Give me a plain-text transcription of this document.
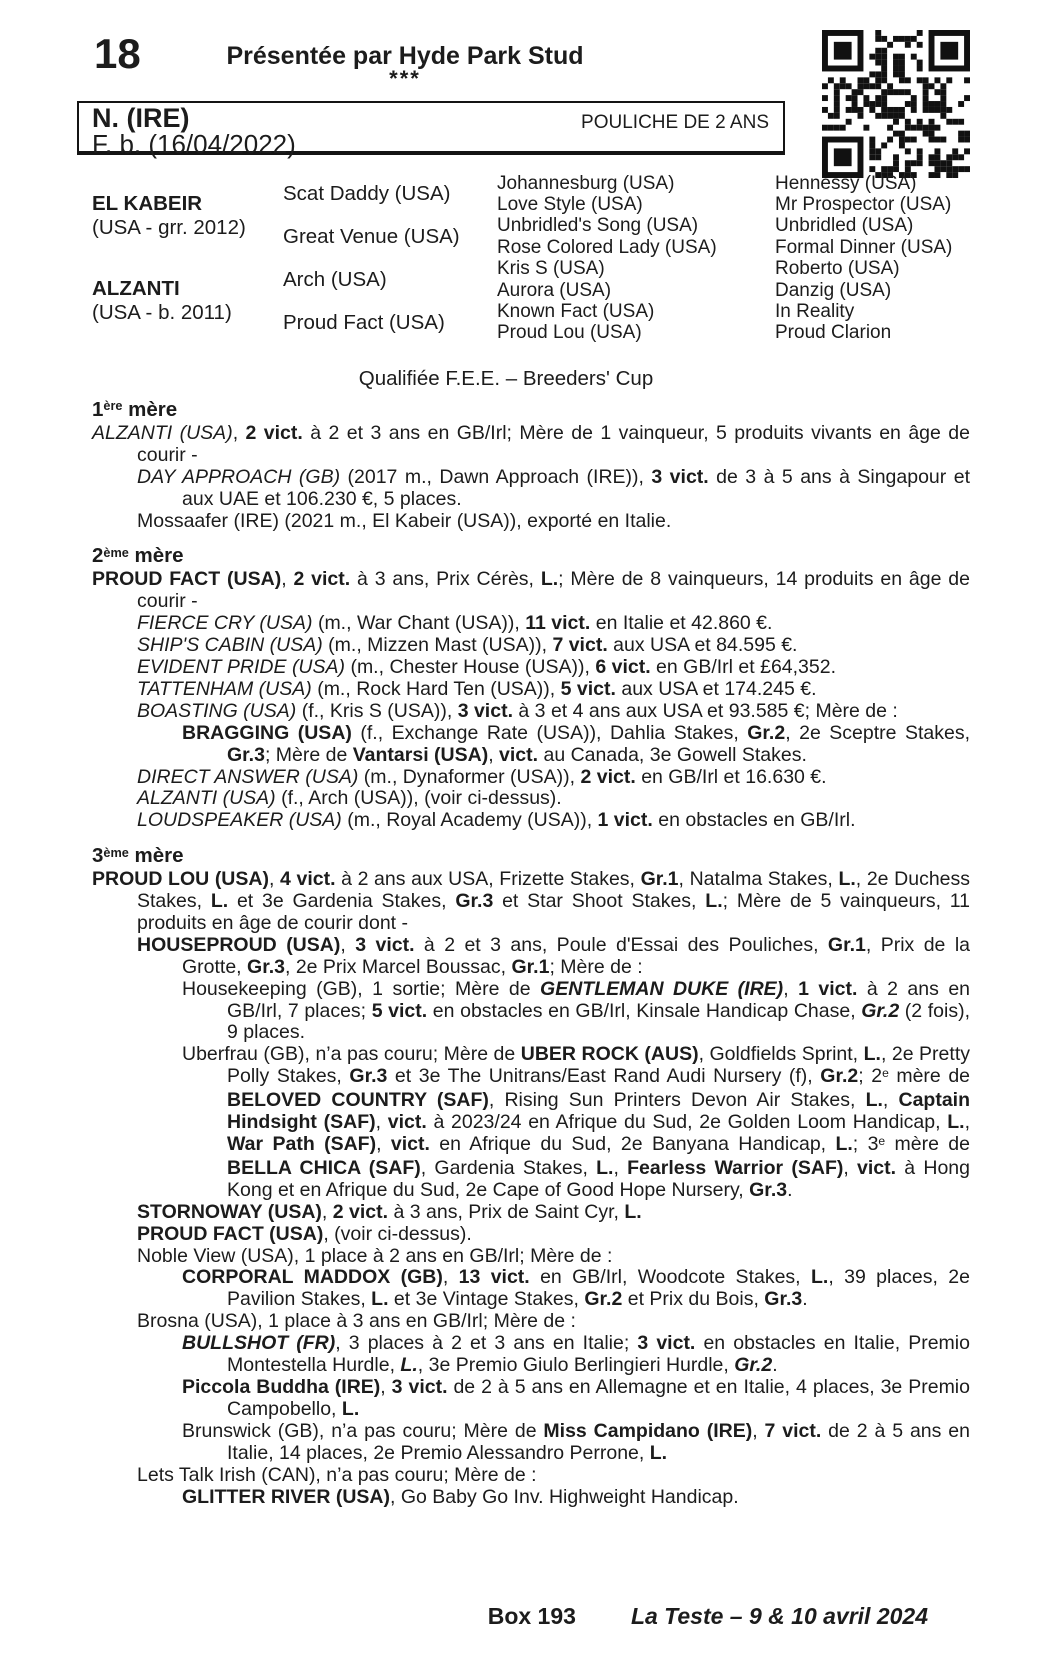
18	Présentée par Hyde Park Stud
***
N. (IRE)
F. b. (16/04/2022)
POULICHE DE 2 ANS
EL KABEIR
(USA - grr. 2012)
ALZANTI
(USA - b. 2011)
Scat Daddy (USA)
Great Venue (USA)
Arch (USA)
Proud Fact (USA)
Johannesburg (USA)
Love Style (USA)
Unbridled's Song (USA)
Rose Colored Lady (USA)
Kris S (USA)
Aurora (USA)
Known Fact (USA)
Proud Lou (USA)
Hennessy (USA)
Mr Prospector (USA)
Unbridled (USA)
Formal Dinner (USA)
Roberto (USA)
Danzig (USA)
In Reality
Proud Clarion
Qualifiée F.E.E. – Breeders' Cup
1ère mère
ALZANTI (USA), 2 vict. à 2 et 3 ans en GB/Irl; Mère de 1 vainqueur, 5 produits vivants en âge de courir -
DAY APPROACH (GB) (2017 m., Dawn Approach (IRE)), 3 vict. de 3 à 5 ans à Singapour et aux UAE et 106.230 €, 5 places.
Mossaafer (IRE) (2021 m., El Kabeir (USA)), exporté en Italie.
2ème mère
PROUD FACT (USA), 2 vict. à 3 ans, Prix Cérès, L.; Mère de 8 vainqueurs, 14 produits en âge de courir -
FIERCE CRY (USA) (m., War Chant (USA)), 11 vict. en Italie et 42.860 €.
SHIP'S CABIN (USA) (m., Mizzen Mast (USA)), 7 vict. aux USA et 84.595 €.
EVIDENT PRIDE (USA) (m., Chester House (USA)), 6 vict. en GB/Irl et £64,352.
TATTENHAM (USA) (m., Rock Hard Ten (USA)), 5 vict. aux USA et 174.245 €.
BOASTING (USA) (f., Kris S (USA)), 3 vict. à 3 et 4 ans aux USA et 93.585 €; Mère de :
BRAGGING (USA) (f., Exchange Rate (USA)), Dahlia Stakes, Gr.2, 2e Sceptre Stakes, Gr.3; Mère de Vantarsi (USA), vict. au Canada, 3e Gowell Stakes.
DIRECT ANSWER (USA) (m., Dynaformer (USA)), 2 vict. en GB/Irl et 16.630 €.
ALZANTI (USA) (f., Arch (USA)), (voir ci-dessus).
LOUDSPEAKER (USA) (m., Royal Academy (USA)), 1 vict. en obstacles en GB/Irl.
3ème mère
PROUD LOU (USA), 4 vict. à 2 ans aux USA, Frizette Stakes, Gr.1, Natalma Stakes, L., 2e Duchess Stakes, L. et 3e Gardenia Stakes, Gr.3 et Star Shoot Stakes, L.; Mère de 5 vainqueurs, 11 produits en âge de courir dont -
HOUSEPROUD (USA), 3 vict. à 2 et 3 ans, Poule d'Essai des Pouliches, Gr.1, Prix de la Grotte, Gr.3, 2e Prix Marcel Boussac, Gr.1; Mère de :
Housekeeping (GB), 1 sortie; Mère de GENTLEMAN DUKE (IRE), 1 vict. à 2 ans en GB/Irl, 7 places; 5 vict. en obstacles en GB/Irl, Kinsale Handicap Chase, Gr.2 (2 fois), 9 places.
Uberfrau (GB), n’a pas couru; Mère de UBER ROCK (AUS), Goldfields Sprint, L., 2e Pretty Polly Stakes, Gr.3 et 3e The Unitrans/East Rand Audi Nursery (f), Gr.2; 2e mère de BELOVED COUNTRY (SAF), Rising Sun Printers Devon Air Stakes, L., Captain Hindsight (SAF), vict. à 2023/24 en Afrique du Sud, 2e Golden Loom Handicap, L., War Path (SAF), vict. en Afrique du Sud, 2e Banyana Handicap, L.; 3e mère de BELLA CHICA (SAF), Gardenia Stakes, L., Fearless Warrior (SAF), vict. à Hong Kong et en Afrique du Sud, 2e Cape of Good Hope Nursery, Gr.3.
STORNOWAY (USA), 2 vict. à 3 ans, Prix de Saint Cyr, L.
PROUD FACT (USA), (voir ci-dessus).
Noble View (USA), 1 place à 2 ans en GB/Irl; Mère de :
CORPORAL MADDOX (GB), 13 vict. en GB/Irl, Woodcote Stakes, L., 39 places, 2e Pavilion Stakes, L. et 3e Vintage Stakes, Gr.2 et Prix du Bois, Gr.3.
Brosna (USA), 1 place à 3 ans en GB/Irl; Mère de :
BULLSHOT (FR), 3 places à 2 et 3 ans en Italie; 3 vict. en obstacles en Italie, Premio Montestella Hurdle, L., 3e Premio Giulo Berlingieri Hurdle, Gr.2.
Piccola Buddha (IRE), 3 vict. de 2 à 5 ans en Allemagne et en Italie, 4 places, 3e Premio Campobello, L.
Brunswick (GB), n’a pas couru; Mère de Miss Campidano (IRE), 7 vict. de 2 à 5 ans en Italie, 14 places, 2e Premio Alessandro Perrone, L.
Lets Talk Irish (CAN), n’a pas couru; Mère de :
GLITTER RIVER (USA), Go Baby Go Inv. Highweight Handicap.
Box 193 La Teste – 9 & 10 avril 2024
